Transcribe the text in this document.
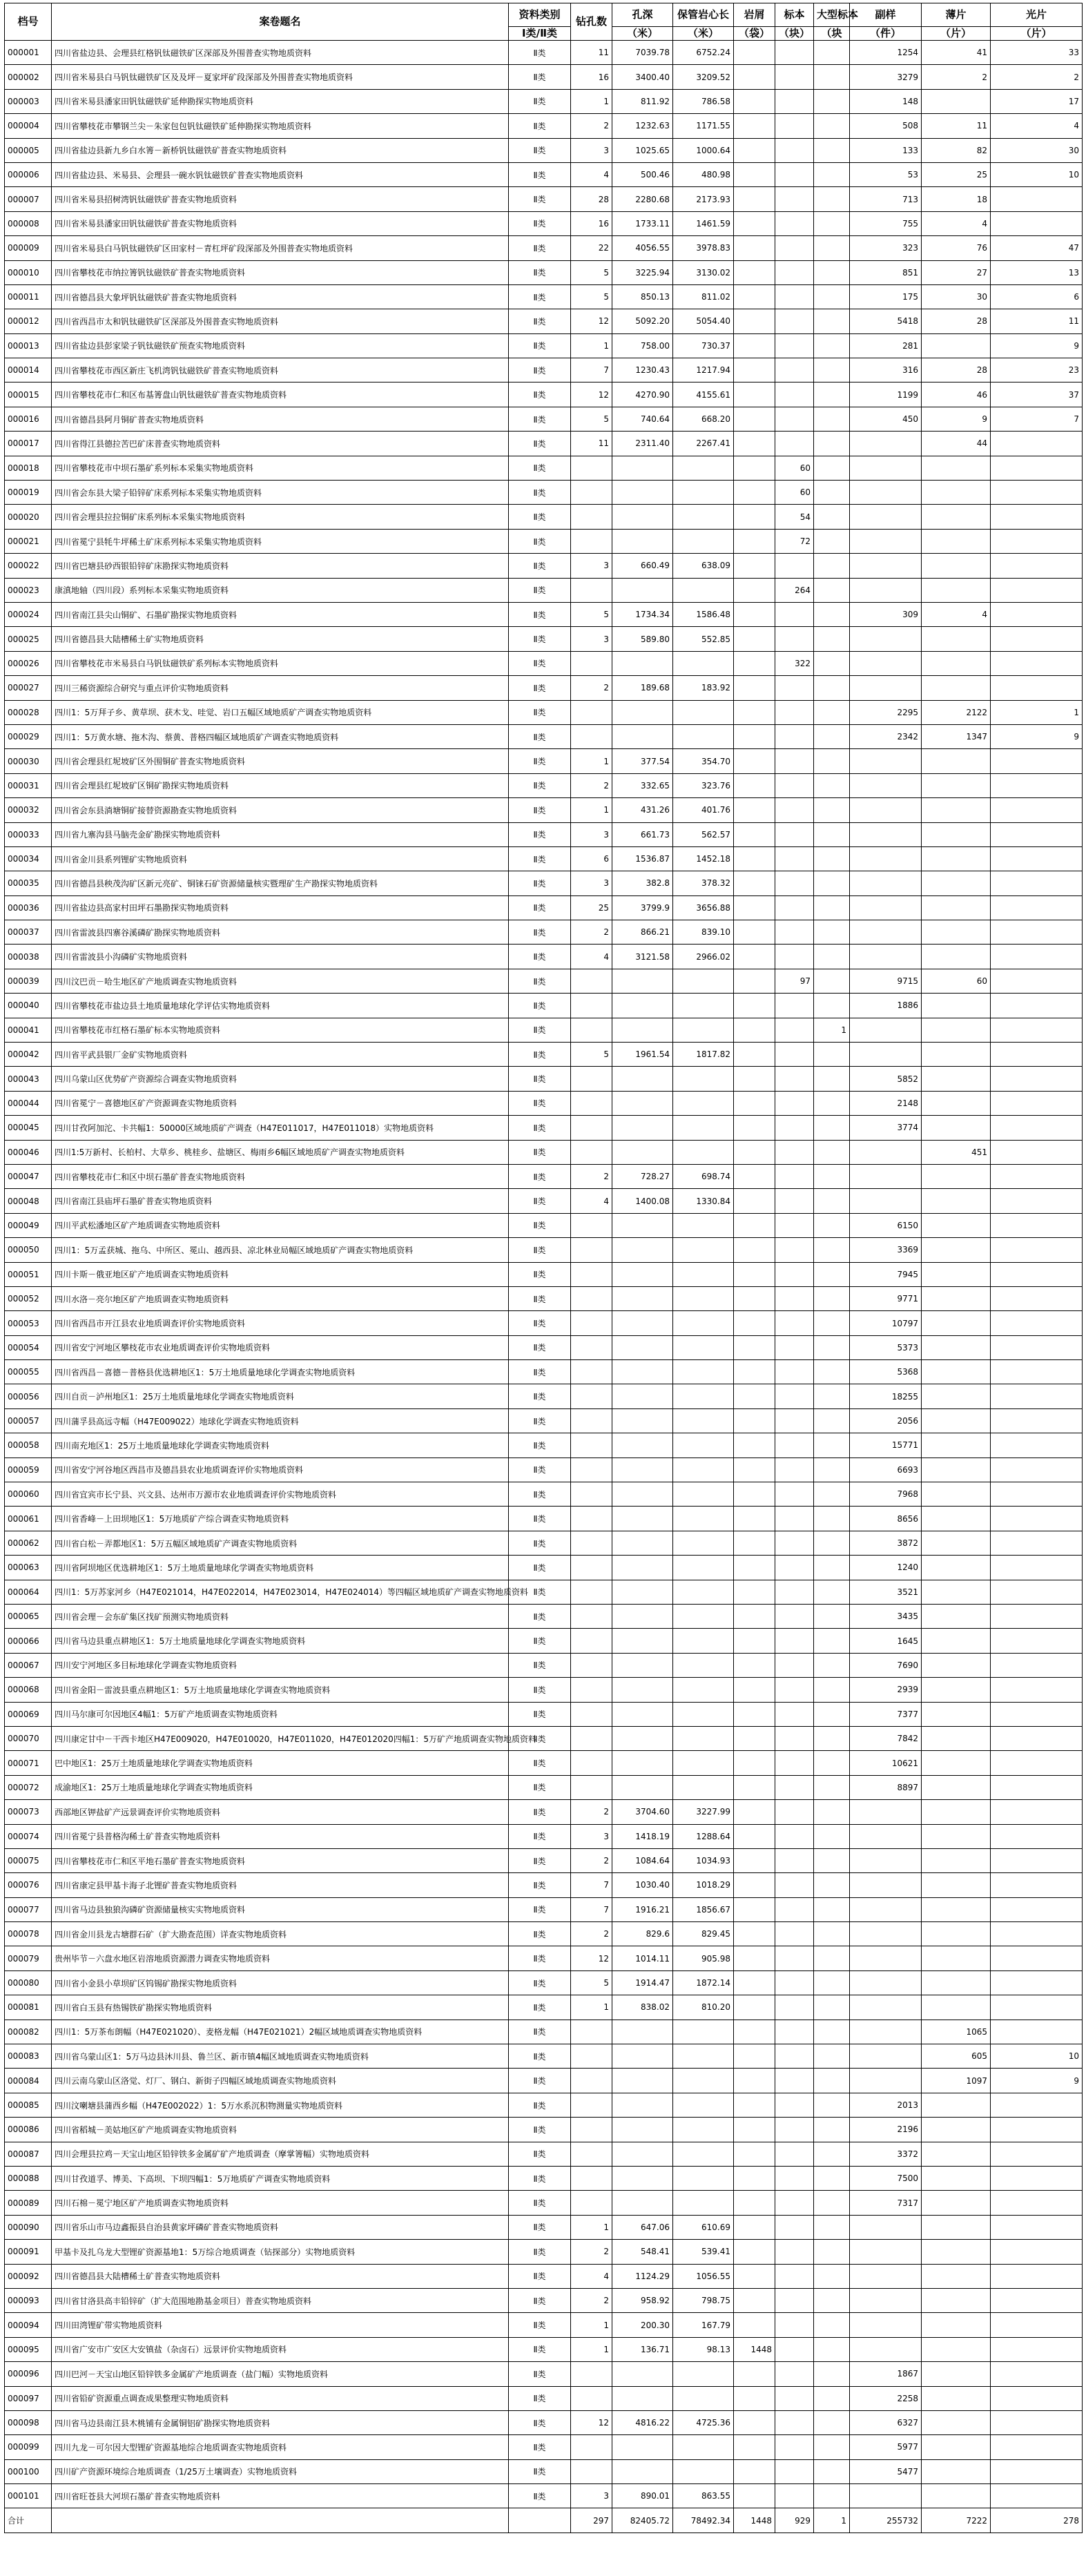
档号	案卷题名	资料类别	钻孔数	孔深	保管岩心长	岩屑	标本	大型标本	副样	薄片	光片
		Ⅰ类/Ⅱ类		（米）	（米）	（袋）	（块）	（块	（件）	（片）	（片）
000001	四川省盐边县、会理县红格钒钛磁铁矿区深部及外围普查实物地质资料	Ⅱ类	11	7039.78	6752.24				1254	41	33
000002	四川省米易县白马钒钛磁铁矿区及及坪－夏家坪矿段深部及外围普查实物地质资料	Ⅱ类	16	3400.40	3209.52				3279	2	2
000003	四川省米易县潘家田钒钛磁铁矿延伸勘探实物地质资料	Ⅱ类	1	811.92	786.58				148		17
000004	四川省攀枝花市攀钢兰尖－朱家包包钒钛磁铁矿延伸勘探实物地质资料	Ⅱ类	2	1232.63	1171.55				508	11	4
000005	四川省盐边县新九乡白水箐－新桥钒钛磁铁矿普查实物地质资料	Ⅱ类	3	1025.65	1000.64				133	82	30
000006	四川省盐边县、米易县、会理县一碗水钒钛磁铁矿普查实物地质资料	Ⅱ类	4	500.46	480.98				53	25	10
000007	四川省米易县招树湾钒钛磁铁矿普查实物地质资料	Ⅱ类	28	2280.68	2173.93				713	18	
000008	四川省米易县潘家田钒钛磁铁矿普查实物地质资料	Ⅱ类	16	1733.11	1461.59				755	4	
000009	四川省米易县白马钒钛磁铁矿区田家村－青杠坪矿段深部及外围普查实物地质资料	Ⅱ类	22	4056.55	3978.83				323	76	47
000010	四川省攀枝花市纳拉箐钒钛磁铁矿普查实物地质资料	Ⅱ类	5	3225.94	3130.02				851	27	13
000011	四川省德昌县大象坪钒钛磁铁矿普查实物地质资料	Ⅱ类	5	850.13	811.02				175	30	6
000012	四川省西昌市太和钒钛磁铁矿区深部及外围普查实物地质资料	Ⅱ类	12	5092.20	5054.40				5418	28	11
000013	四川省盐边县彭家梁子钒钛磁铁矿预查实物地质资料	Ⅱ类	1	758.00	730.37				281		9
000014	四川省攀枝花市西区新庄飞机湾钒钛磁铁矿普查实物地质资料	Ⅱ类	7	1230.43	1217.94				316	28	23
000015	四川省攀枝花市仁和区布基箐盘山钒钛磁铁矿普查实物地质资料	Ⅱ类	12	4270.90	4155.61				1199	46	37
000016	四川省德昌县阿月铜矿普查实物地质资料	Ⅱ类	5	740.64	668.20				450	9	7
000017	四川省得江县德拉苦巴矿床普查实物地质资料	Ⅱ类	11	2311.40	2267.41					44	
000018	四川省攀枝花市中坝石墨矿系列标本采集实物地质资料	Ⅱ类					60				
000019	四川省会东县大梁子铅锌矿床系列标本采集实物地质资料	Ⅱ类					60				
000020	四川省会理县拉拉铜矿床系列标本采集实物地质资料	Ⅱ类					54				
000021	四川省冕宁县牦牛坪稀土矿床系列标本采集实物地质资料	Ⅱ类					72				
000022	四川省巴塘县砂西银铅锌矿床勘探实物地质资料	Ⅱ类	3	660.49	638.09						
000023	康滇地轴（四川段）系列标本采集实物地质资料	Ⅱ类					264				
000024	四川省南江县尖山铜矿、石墨矿勘探实物地质资料	Ⅱ类	5	1734.34	1586.48				309	4	
000025	四川省德昌县大陆槽稀土矿实物地质资料	Ⅱ类	3	589.80	552.85						
000026	四川省攀枝花市米易县白马钒钛磁铁矿系列标本实物地质资料	Ⅱ类					322				
000027	四川三稀资源综合研究与重点评价实物地质资料	Ⅱ类	2	189.68	183.92						
000028	四川1：5万拜子乡、黄草坝、获木戈、哇觉、岩口五幅区域地质矿产调查实物地质资料	Ⅱ类							2295	2122	1
000029	四川1：5万黄水塘、拖木沟、蔡黄、普格四幅区域地质矿产调查实物地质资料	Ⅱ类							2342	1347	9
000030	四川省会理县红坭坡矿区外围铜矿普查实物地质资料	Ⅱ类	1	377.54	354.70						
000031	四川省会理县红坭坡矿区铜矿勘探实物地质资料	Ⅱ类	2	332.65	323.76						
000032	四川省会东县淌塘铜矿接替资源勘查实物地质资料	Ⅱ类	1	431.26	401.76						
000033	四川省九寨沟县马脑壳金矿勘探实物地质资料	Ⅱ类	3	661.73	562.57						
000034	四川省金川县系列锂矿实物地质资料	Ⅱ类	6	1536.87	1452.18						
000035	四川省德昌县秧茂沟矿区新元亮矿、铜铼石矿资源储量核实暨理矿生产勘探实物地质资料	Ⅱ类	3	382.8	378.32						
000036	四川省盐边县高家村田坪石墨勘探实物地质资料	Ⅱ类	25	3799.9	3656.88						
000037	四川省雷波县四寨谷溪磷矿勘探实物地质资料	Ⅱ类	2	866.21	839.10						
000038	四川省雷波县小沟磷矿实物地质资料	Ⅱ类	4	3121.58	2966.02						
000039	四川汶巴贡－哈生地区矿产地质调查实物地质资料	Ⅱ类					97		9715	60	
000040	四川省攀枝花市盐边县土地质量地球化学评估实物地质资料	Ⅱ类							1886		
000041	四川省攀枝花市红格石墨矿标本实物地质资料	Ⅱ类						1			
000042	四川省平武县银厂金矿实物地质资料	Ⅱ类	5	1961.54	1817.82						
000043	四川乌蒙山区优势矿产资源综合调查实物地质资料	Ⅱ类							5852		
000044	四川省冕宁－喜德地区矿产资源调查实物地质资料	Ⅱ类							2148		
000045	四川甘孜阿加沱、卡共幅1：50000区域地质矿产调查（H47E011017，H47E011018）实物地质资料	Ⅱ类							3774		
000046	四川1:5万新村、长柏村、大草乡、桃桂乡、盐塘区、梅雨乡6幅区域地质矿产调查实物地质资料	Ⅱ类								451	
000047	四川省攀枝花市仁和区中坝石墨矿普查实物地质资料	Ⅱ类	2	728.27	698.74						
000048	四川省南江县庙坪石墨矿普查实物地质资料	Ⅱ类	4	1400.08	1330.84						
000049	四川平武松潘地区矿产地质调查实物地质资料	Ⅱ类							6150		
000050	四川1：5万孟获城、拖乌、中所区、冕山、越西县、凉北林业局幅区域地质矿产调查实物地质资料	Ⅱ类							3369		
000051	四川卡斯－俄亚地区矿产地质调查实物地质资料	Ⅱ类							7945		
000052	四川水洛－亮尔地区矿产地质调查实物地质资料	Ⅱ类							9771		
000053	四川省西昌市开江县农业地质调查评价实物地质资料	Ⅱ类							10797		
000054	四川省安宁河地区攀枝花市农业地质调查评价实物地质资料	Ⅱ类							5373		
000055	四川省西昌－喜德－普格县优选耕地区1：5万土地质量地球化学调查实物地质资料	Ⅱ类							5368		
000056	四川自贡－泸州地区1：25万土地质量地球化学调查实物地质资料	Ⅱ类							18255		
000057	四川蒲孚县高远寺幅（H47E009022）地球化学调查实物地质资料	Ⅱ类							2056		
000058	四川南充地区1：25万土地质量地球化学调查实物地质资料	Ⅱ类							15771		
000059	四川省安宁河谷地区西昌市及德昌县农业地质调查评价实物地质资料	Ⅱ类							6693		
000060	四川省宜宾市长宁县、兴文县、达州市万源市农业地质调查评价实物地质资料	Ⅱ类							7968		
000061	四川省香峰－上田坝地区1：5万地质矿产综合调查实物地质资料	Ⅱ类							8656		
000062	四川省白松－弄都地区1：5万五幅区域地质矿产调查实物地质资料	Ⅱ类							3872		
000063	四川省阿坝地区优选耕地区1：5万土地质量地球化学调查实物地质资料	Ⅱ类							1240		
000064	四川1：5万苏家河乡（H47E021014，H47E022014，H47E023014，H47E024014）等四幅区域地质矿产调查实物地质资料	Ⅱ类							3521		
000065	四川省会理－会东矿集区找矿预测实物地质资料	Ⅱ类							3435		
000066	四川省马边县重点耕地区1：5万土地质量地球化学调查实物地质资料	Ⅱ类							1645		
000067	四川安宁河地区多目标地球化学调查实物地质资料	Ⅱ类							7690		
000068	四川省金阳－雷波县重点耕地区1：5万土地质量地球化学调查实物地质资料	Ⅱ类							2939		
000069	四川马尔康可尔因地区4幅1：5万矿产地质调查实物地质资料	Ⅱ类							7377		
000070	四川康定甘中－干西卡地区H47E009020，H47E010020，H47E011020，H47E012020四幅1：5万矿产地质调查实物地质资料	Ⅱ类							7842		
000071	巴中地区1：25万土地质量地球化学调查实物地质资料	Ⅱ类							10621		
000072	成渝地区1：25万土地质量地球化学调查实物地质资料	Ⅱ类							8897		
000073	西部地区钾盐矿产远景调查评价实物地质资料	Ⅱ类	2	3704.60	3227.99						
000074	四川省冕宁县普格沟稀土矿普查实物地质资料	Ⅱ类	3	1418.19	1288.64						
000075	四川省攀枝花市仁和区平地石墨矿普查实物地质资料	Ⅱ类	2	1084.64	1034.93						
000076	四川省康定县甲基卡海子北锂矿普查实物地质资料	Ⅱ类	7	1030.40	1018.29						
000077	四川省马边县独狼沟磷矿资源储量核实实物地质资料	Ⅱ类	7	1916.21	1856.67						
000078	四川省金川县龙古塘群石矿（扩大勘查范围）详查实物地质资料	Ⅱ类	2	829.6	829.45						
000079	贵州毕节－六盘水地区岩溶地质资源潜力调查实物地质资料	Ⅱ类	12	1014.11	905.98						
000080	四川省小金县小草坝矿区钨锡矿勘探实物地质资料	Ⅱ类	5	1914.47	1872.14						
000081	四川省白玉县有热锡铁矿勘探实物地质资料	Ⅱ类	1	838.02	810.20						
000082	四川1：5万茶布朗幅（H47E021020）、麦格龙幅（H47E021021）2幅区域地质调查实物地质资料	Ⅱ类								1065	
000083	四川省乌蒙山区1：5万马边县沐川县、鲁兰区、新市镇4幅区域地质调查实物地质资料	Ⅱ类								605	10
000084	四川云南乌蒙山区洛觉、灯厂、钢白、新街子四幅区域地质调查实物地质资料	Ⅱ类								1097	9
000085	四川汶喇塘县蒲西乡幅（H47E002022）1：5万水系沉积物测量实物地质资料	Ⅱ类							2013		
000086	四川省稻城－美姑地区矿产地质调查实物地质资料	Ⅱ类							2196		
000087	四川会理县拉鸡－天宝山地区铅锌铁多金属矿矿产地质调查（摩掌箐幅）实物地质资料	Ⅱ类							3372		
000088	四川甘孜道孚、博美、下高坝、下坝四幅1：5万地质矿产调查实物地质资料	Ⅱ类							7500		
000089	四川石棉－冕宁地区矿产地质调查实物地质资料	Ⅱ类							7317		
000090	四川省乐山市马边鑫振县自治县黄家坪磷矿普查实物地质资料	Ⅱ类	1	647.06	610.69						
000091	甲基卡及扎乌龙大型锂矿资源基地1：5万综合地质调查（钻探部分）实物地质资料	Ⅱ类	2	548.41	539.41						
000092	四川省德昌县大陆槽稀土矿普查实物地质资料	Ⅱ类	4	1124.29	1056.55						
000093	四川省甘洛县高丰铅锌矿（扩大范围地勘基金项目）普查实物地质资料	Ⅱ类	2	958.92	798.75						
000094	四川田湾锂矿带实物地质资料	Ⅱ类	1	200.30	167.79						
000095	四川省广安市广安区大安镇盐（杂卤石）远景评价实物地质资料	Ⅱ类	1	136.71	98.13	1448					
000096	四川巴河－天宝山地区铅锌铁多金属矿产地质调查（盐门幅）实物地质资料	Ⅱ类							1867		
000097	四川省铅矿资源重点调查成果整理实物地质资料	Ⅱ类							2258		
000098	四川省马边县南江县木桃铺有金属铜铝矿勘探实物地质资料	Ⅱ类	12	4816.22	4725.36				6327		
000099	四川九龙－可尔因大型锂矿资源基地综合地质调查实物地质资料	Ⅱ类							5977		
000100	四川矿产资源环境综合地质调查（1/25万土壤调查）实物地质资料	Ⅱ类							5477		
000101	四川省旺苍县大河坝石墨矿普查实物地质资料	Ⅱ类	3	890.01	863.55						
合计			297	82405.72	78492.34	1448	929	1	255732	7222	278
